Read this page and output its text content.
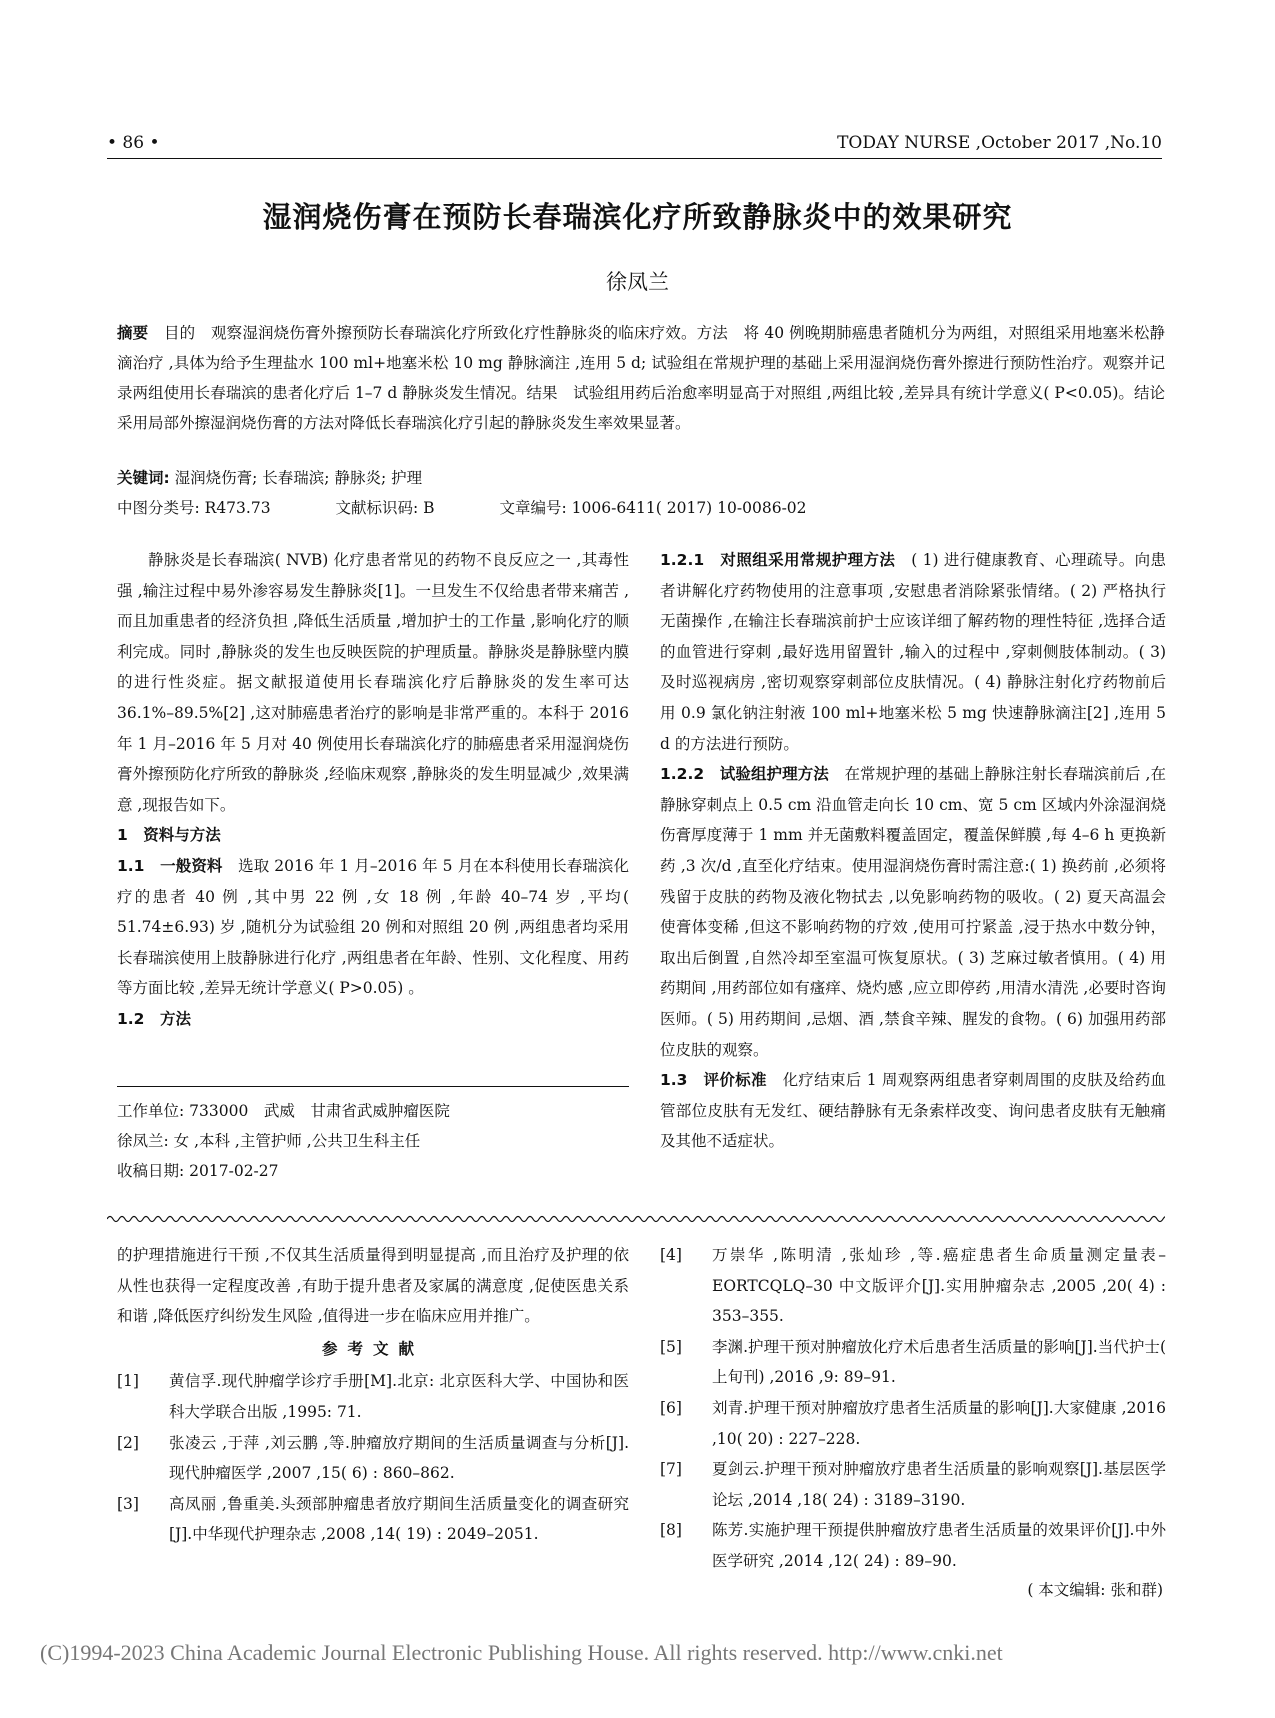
• 86 •	TODAY NURSE ,October 2017 ,No.10
湿润烧伤膏在预防长春瑞滨化疗所致静脉炎中的效果研究
徐凤兰
摘要　 目的　观察湿润烧伤膏外擦预防长春瑞滨化疗所致化疗性静脉炎的临床疗效。方法　将 40 例晚期肺癌患者随机分为两组，对照组采用地塞米松静滴治疗 ,具体为给予生理盐水 100 ml+地塞米松 10 mg 静脉滴注 ,连用 5 d; 试验组在常规护理的基础上采用湿润烧伤膏外擦进行预防性治疗。观察并记录两组使用长春瑞滨的患者化疗后 1–7 d 静脉炎发生情况。结果　试验组用药后治愈率明显高于对照组 ,两组比较 ,差异具有统计学意义( P<0.05)。结论　采用局部外擦湿润烧伤膏的方法对降低长春瑞滨化疗引起的静脉炎发生率效果显著。
关键词: 湿润烧伤膏; 长春瑞滨; 静脉炎; 护理
中图分类号: R473.73	文献标识码: B	文章编号: 1006-6411( 2017) 10-0086-02

静脉炎是长春瑞滨( NVB) 化疗患者常见的药物不良反应之一 ,其毒性强 ,输注过程中易外渗容易发生静脉炎[1]。一旦发生不仅给患者带来痛苦 ,而且加重患者的经济负担 ,降低生活质量 ,增加护士的工作量 ,影响化疗的顺利完成。同时 ,静脉炎的发生也反映医院的护理质量。静脉炎是静脉壁内膜的进行性炎症。据文献报道使用长春瑞滨化疗后静脉炎的发生率可达 36.1%–89.5%[2] ,这对肺癌患者治疗的影响是非常严重的。本科于 2016 年 1 月–2016 年 5 月对 40 例使用长春瑞滨化疗的肺癌患者采用湿润烧伤膏外擦预防化疗所致的静脉炎 ,经临床观察 ,静脉炎的发生明显减少 ,效果满意 ,现报告如下。

1　资料与方法

1.1　一般资料　 选取 2016 年 1 月–2016 年 5 月在本科使用长春瑞滨化疗的患者 40 例 ,其中男 22 例 ,女 18 例 ,年龄 40–74 岁 ,平均( 51.74±6.93) 岁 ,随机分为试验组 20 例和对照组 20 例 ,两组患者均采用长春瑞滨使用上肢静脉进行化疗 ,两组患者在年龄、性别、文化程度、用药等方面比较 ,差异无统计学意义( P>0.05) 。

1.2　方法

工作单位: 733000　武威　甘肃省武威肿瘤医院
徐凤兰: 女 ,本科 ,主管护师 ,公共卫生科主任
收稿日期: 2017-02-27

1.2.1　对照组采用常规护理方法　 ( 1) 进行健康教育、心理疏导。向患者讲解化疗药物使用的注意事项 ,安慰患者消除紧张情绪。( 2) 严格执行无菌操作 ,在输注长春瑞滨前护士应该详细了解药物的理性特征 ,选择合适的血管进行穿刺 ,最好选用留置针 ,输入的过程中 ,穿刺侧肢体制动。( 3) 及时巡视病房 ,密切观察穿刺部位皮肤情况。( 4) 静脉注射化疗药物前后用 0.9 氯化钠注射液 100 ml+地塞米松 5 mg 快速静脉滴注[2] ,连用 5 d 的方法进行预防。

1.2.2　试验组护理方法　 在常规护理的基础上静脉注射长春瑞滨前后 ,在静脉穿刺点上 0.5 cm 沿血管走向长 10 cm、宽 5 cm 区域内外涂湿润烧伤膏厚度薄于 1 mm 并无菌敷料覆盖固定，覆盖保鲜膜 ,每 4–6 h 更换新药 ,3 次/d ,直至化疗结束。使用湿润烧伤膏时需注意:( 1) 换药前 ,必须将残留于皮肤的药物及液化物拭去 ,以免影响药物的吸收。( 2) 夏天高温会使膏体变稀 ,但这不影响药物的疗效 ,使用可拧紧盖 ,浸于热水中数分钟，取出后倒置 ,自然冷却至室温可恢复原状。( 3) 芝麻过敏者慎用。( 4) 用药期间 ,用药部位如有瘙痒、烧灼感 ,应立即停药 ,用清水清洗 ,必要时咨询医师。( 5) 用药期间 ,忌烟、酒 ,禁食辛辣、腥发的食物。( 6) 加强用药部位皮肤的观察。

1.3　评价标准　 化疗结束后 1 周观察两组患者穿刺周围的皮肤及给药血管部位皮肤有无发红、硬结静脉有无条索样改变、询问患者皮肤有无触痛及其他不适症状。

的护理措施进行干预 ,不仅其生活质量得到明显提高 ,而且治疗及护理的依从性也获得一定程度改善 ,有助于提升患者及家属的满意度 ,促使医患关系和谐 ,降低医疗纠纷发生风险 ,值得进一步在临床应用并推广。

参考文献

[1]	黄信孚.现代肿瘤学诊疗手册[M].北京: 北京医科大学、中国协和医科大学联合出版 ,1995: 71.
[2]	张凌云 ,于萍 ,刘云鹏 ,等.肿瘤放疗期间的生活质量调查与分析[J].现代肿瘤医学 ,2007 ,15( 6) : 860–862.
[3]	高凤丽 ,鲁重美.头颈部肿瘤患者放疗期间生活质量变化的调查研究[J].中华现代护理杂志 ,2008 ,14( 19) : 2049–2051.
[4]	万崇华 ,陈明清 ,张灿珍 ,等.癌症患者生命质量测定量表–EORTCQLQ–30 中文版评介[J].实用肿瘤杂志 ,2005 ,20( 4) : 353–355.
[5]	李渊.护理干预对肿瘤放化疗术后患者生活质量的影响[J].当代护士( 上旬刊) ,2016 ,9: 89–91.
[6]	刘青.护理干预对肿瘤放疗患者生活质量的影响[J].大家健康 ,2016 ,10( 20) : 227–228.
[7]	夏剑云.护理干预对肿瘤放疗患者生活质量的影响观察[J].基层医学论坛 ,2014 ,18( 24) : 3189–3190.
[8]	陈芳.实施护理干预提供肿瘤放疗患者生活质量的效果评价[J].中外医学研究 ,2014 ,12( 24) : 89–90.
( 本文编辑: 张和群)
(C)1994-2023 China Academic Journal Electronic Publishing House. All rights reserved. http://www.cnki.net
